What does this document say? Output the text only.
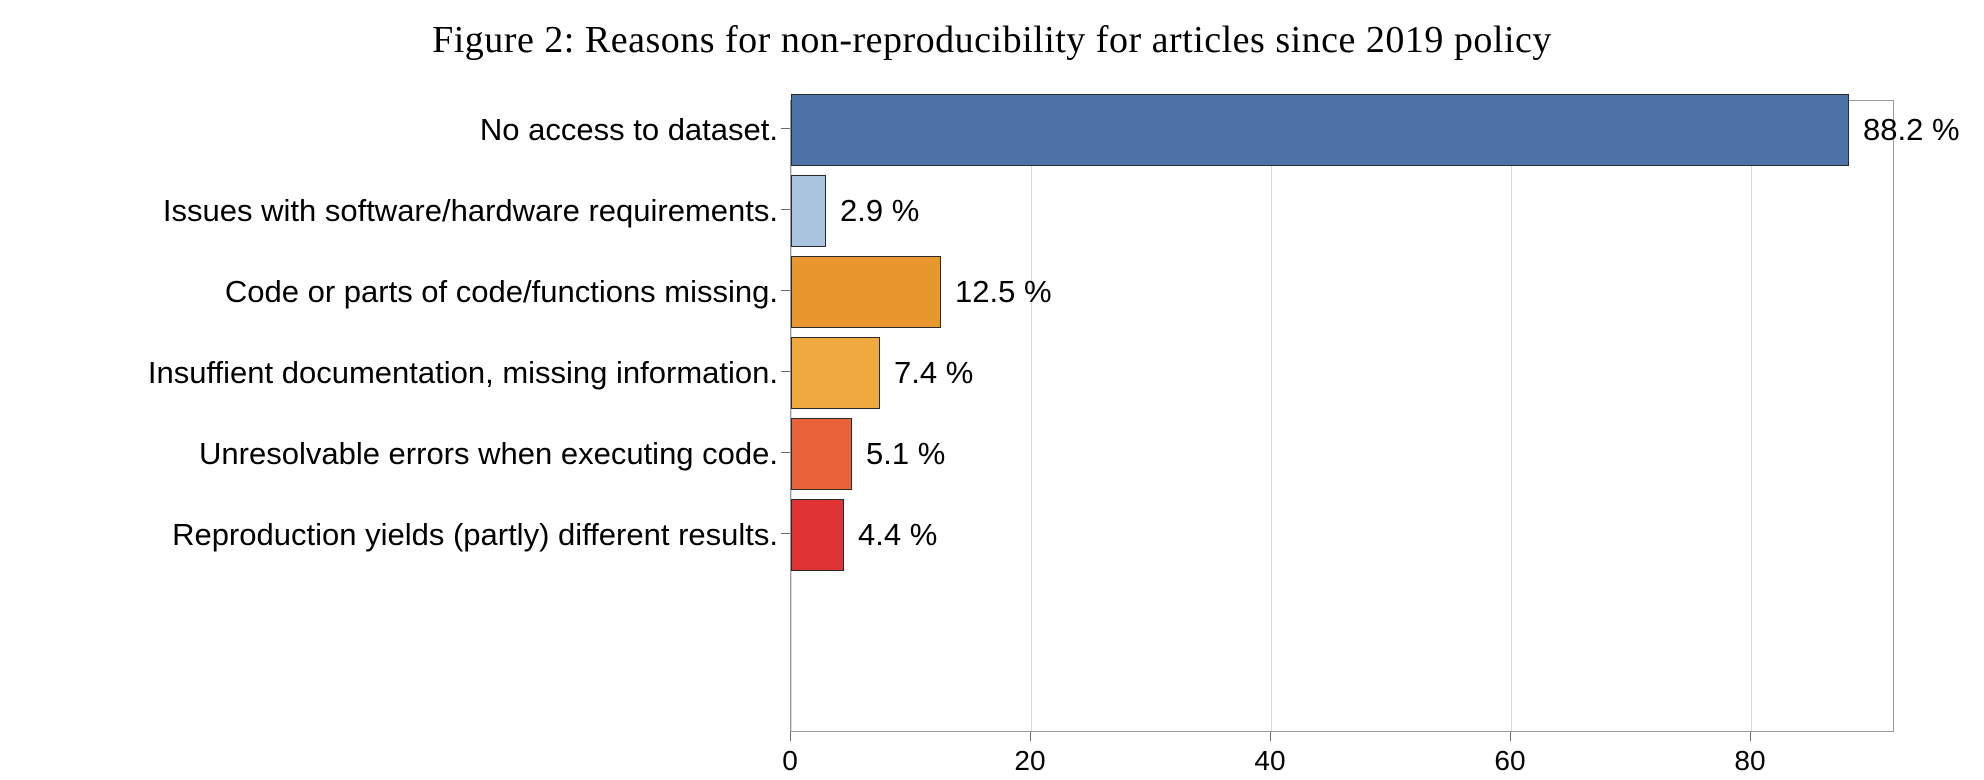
Figure 2: Reasons for non-reproducibility for articles since 2019 policy
No access to dataset.
Issues with software/hardware requirements.
Code or parts of code/functions missing.
Insuffient documentation, missing information.
Unresolvable errors when executing code.
Reproduction yields (partly) different results.
88.2 %
2.9 %
12.5 %
7.4 %
5.1 %
4.4 %
0	20	40	60	80
